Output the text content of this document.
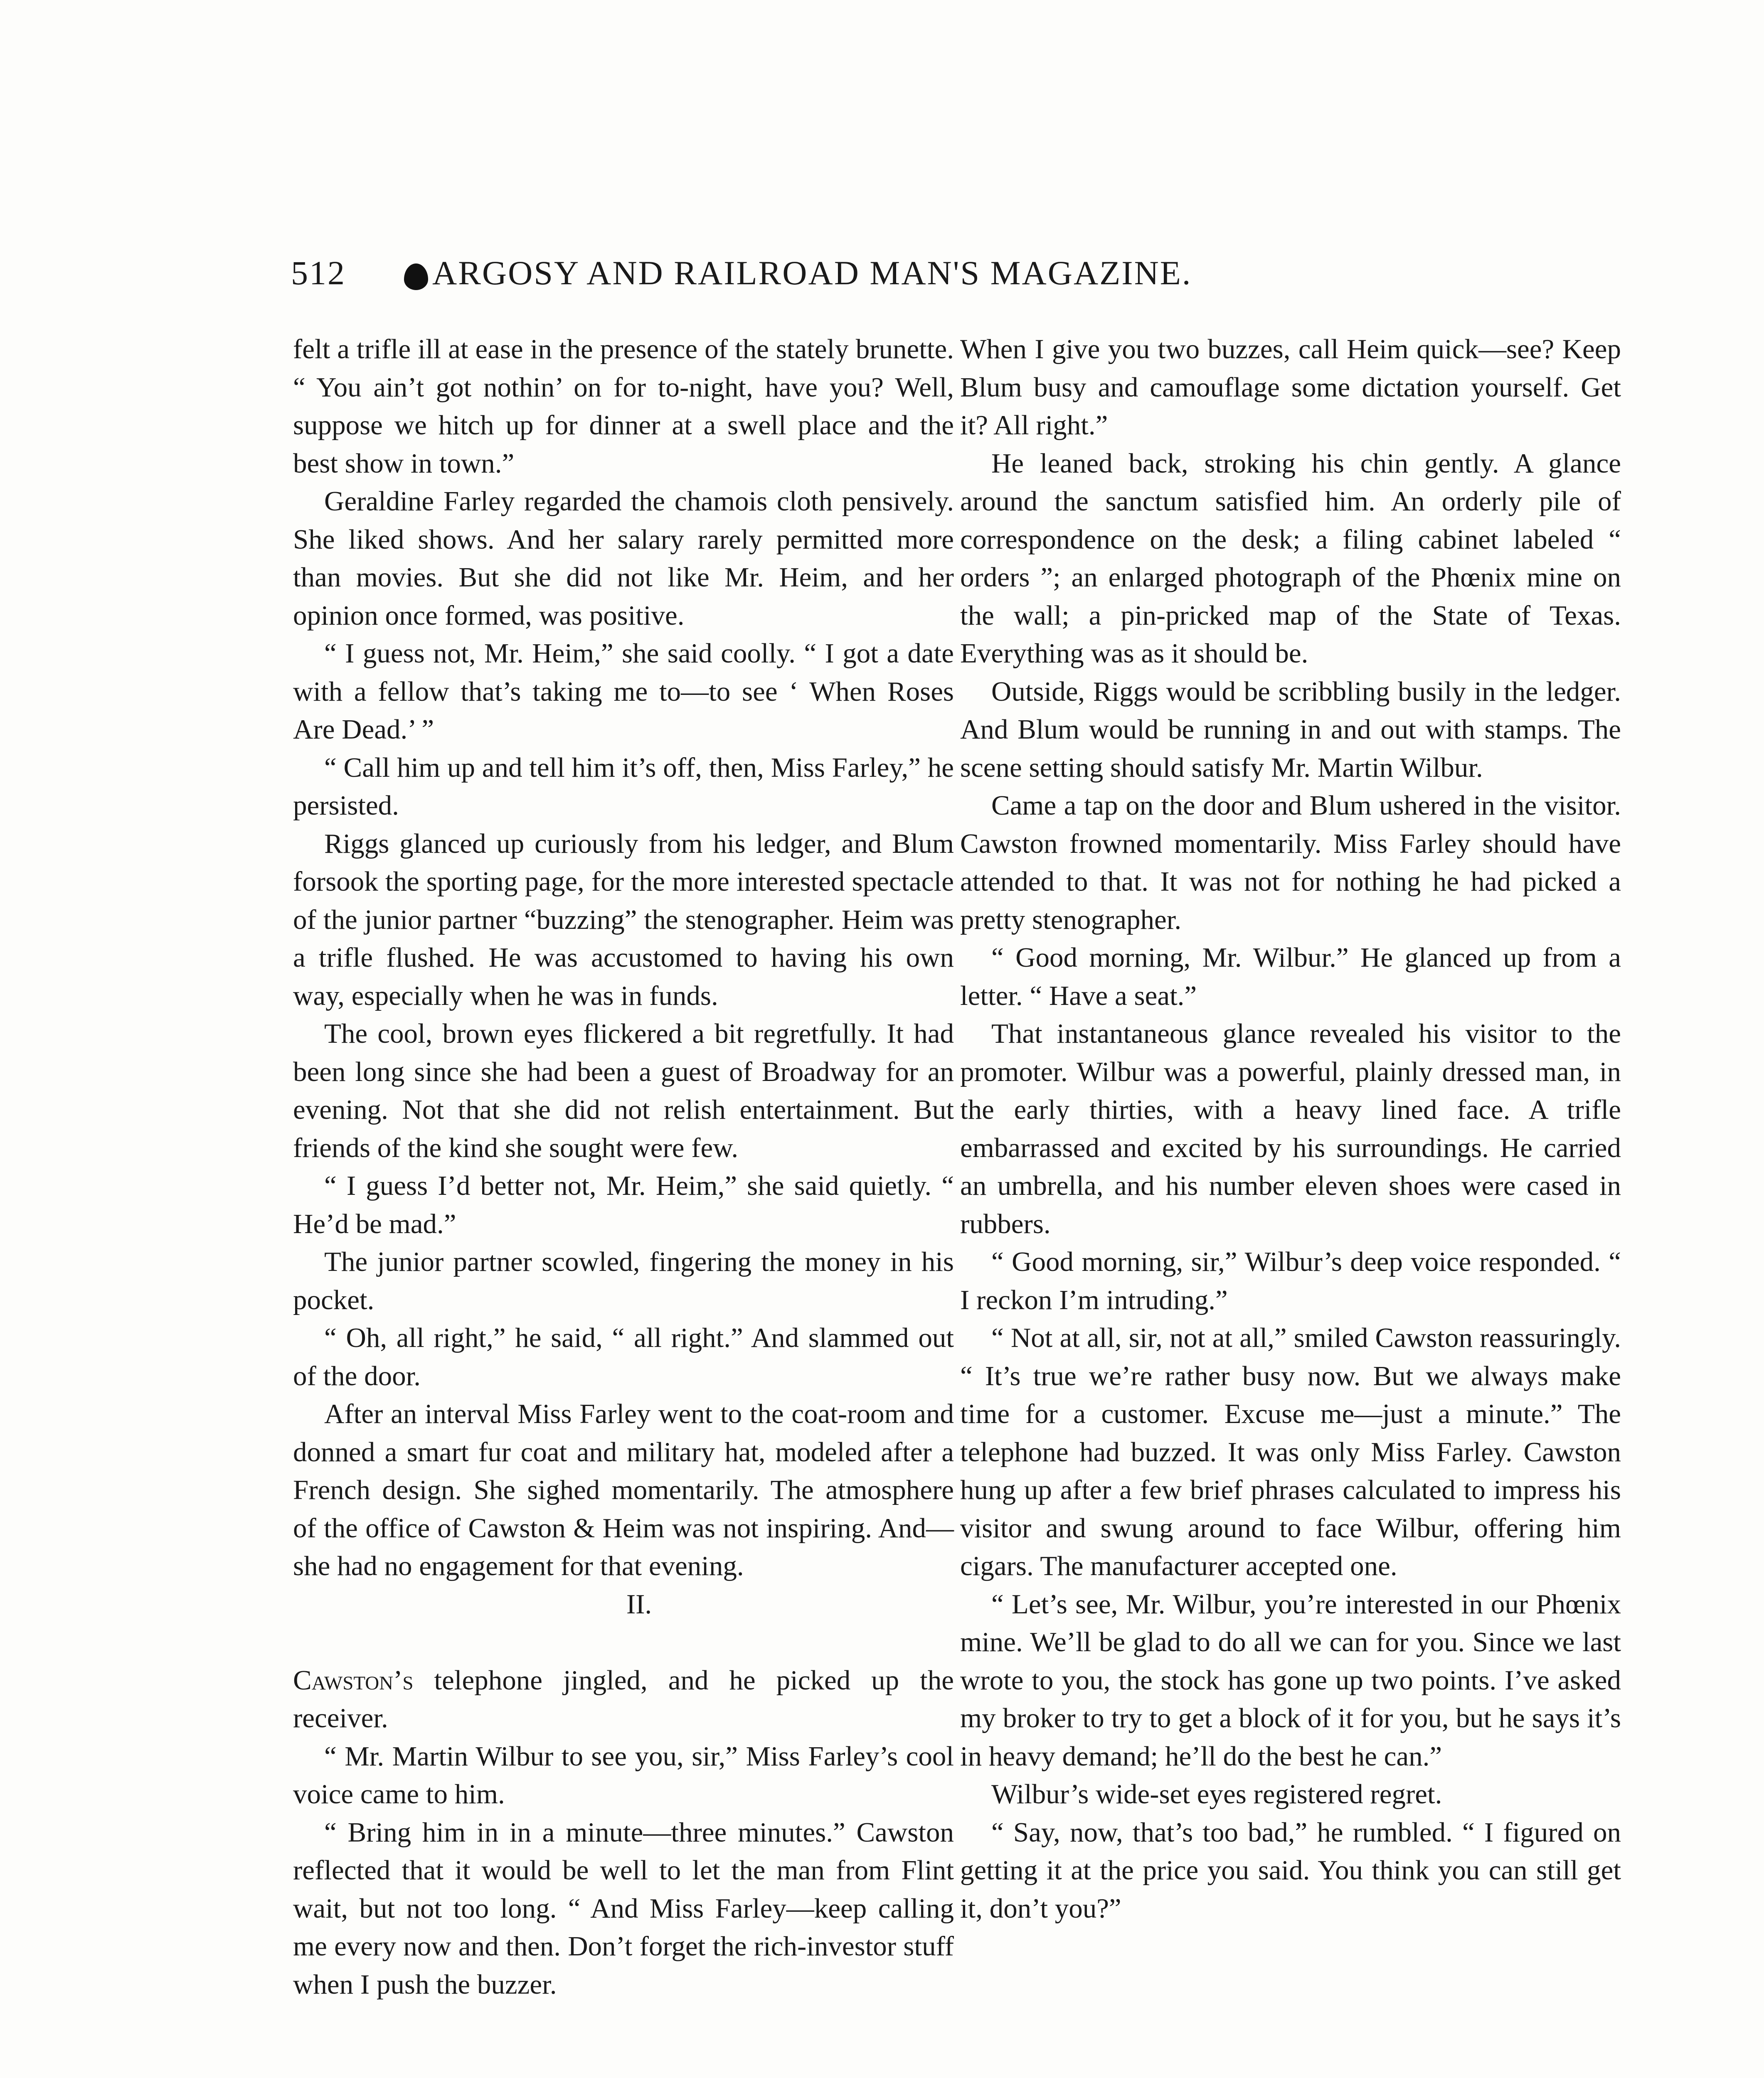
512	ARGOSY AND RAILROAD MAN'S MAGAZINE.

felt a trifle ill at ease in the presence of the stately brunette. “ You ain’t got nothin’ on for to-night, have you? Well, suppose we hitch up for dinner at a swell place and the best show in town.”

Geraldine Farley regarded the chamois cloth pensively. She liked shows. And her salary rarely permitted more than movies. But she did not like Mr. Heim, and her opinion once formed, was positive.

“ I guess not, Mr. Heim,” she said coolly. “ I got a date with a fellow that’s taking me to—to see ‘ When Roses Are Dead.’ ”

“ Call him up and tell him it’s off, then, Miss Farley,” he persisted.

Riggs glanced up curiously from his ledger, and Blum forsook the sporting page, for the more interested spectacle of the junior partner “buzzing” the stenographer. Heim was a trifle flushed. He was accustomed to having his own way, especially when he was in funds.

The cool, brown eyes flickered a bit regretfully. It had been long since she had been a guest of Broadway for an evening. Not that she did not relish entertainment. But friends of the kind she sought were few.

“ I guess I’d better not, Mr. Heim,” she said quietly. “ He’d be mad.”

The junior partner scowled, fingering the money in his pocket.

“ Oh, all right,” he said, “ all right.” And slammed out of the door.

After an interval Miss Farley went to the coat-room and donned a smart fur coat and military hat, modeled after a French design. She sighed momentarily. The atmosphere of the office of Cawston & Heim was not inspiring. And—she had no engagement for that evening.

II.

Cawston’s telephone jingled, and he picked up the receiver.

“ Mr. Martin Wilbur to see you, sir,” Miss Farley’s cool voice came to him.

“ Bring him in in a minute—three minutes.” Cawston reflected that it would be well to let the man from Flint wait, but not too long. “ And Miss Farley—keep calling me every now and then. Don’t forget the rich-investor stuff when I push the buzzer.

When I give you two buzzes, call Heim quick—see? Keep Blum busy and camouflage some dictation yourself. Get it? All right.”

He leaned back, stroking his chin gently. A glance around the sanctum satisfied him. An orderly pile of correspondence on the desk; a filing cabinet labeled “ orders ”; an enlarged photograph of the Phœnix mine on the wall; a pin-pricked map of the State of Texas. Everything was as it should be.

Outside, Riggs would be scribbling busily in the ledger. And Blum would be running in and out with stamps. The scene setting should satisfy Mr. Martin Wilbur.

Came a tap on the door and Blum ushered in the visitor. Cawston frowned momentarily. Miss Farley should have attended to that. It was not for nothing he had picked a pretty stenographer.

“ Good morning, Mr. Wilbur.” He glanced up from a letter. “ Have a seat.”

That instantaneous glance revealed his visitor to the promoter. Wilbur was a powerful, plainly dressed man, in the early thirties, with a heavy lined face. A trifle embarrassed and excited by his surroundings. He carried an umbrella, and his number eleven shoes were cased in rubbers.

“ Good morning, sir,” Wilbur’s deep voice responded. “ I reckon I’m intruding.”

“ Not at all, sir, not at all,” smiled Cawston reassuringly. “ It’s true we’re rather busy now. But we always make time for a customer. Excuse me—just a minute.” The telephone had buzzed. It was only Miss Farley. Cawston hung up after a few brief phrases calculated to impress his visitor and swung around to face Wilbur, offering him cigars. The manufacturer accepted one.

“ Let’s see, Mr. Wilbur, you’re interested in our Phœnix mine. We’ll be glad to do all we can for you. Since we last wrote to you, the stock has gone up two points. I’ve asked my broker to try to get a block of it for you, but he says it’s in heavy demand; he’ll do the best he can.”

Wilbur’s wide-set eyes registered regret.

“ Say, now, that’s too bad,” he rumbled. “ I figured on getting it at the price you said. You think you can still get it, don’t you?”
